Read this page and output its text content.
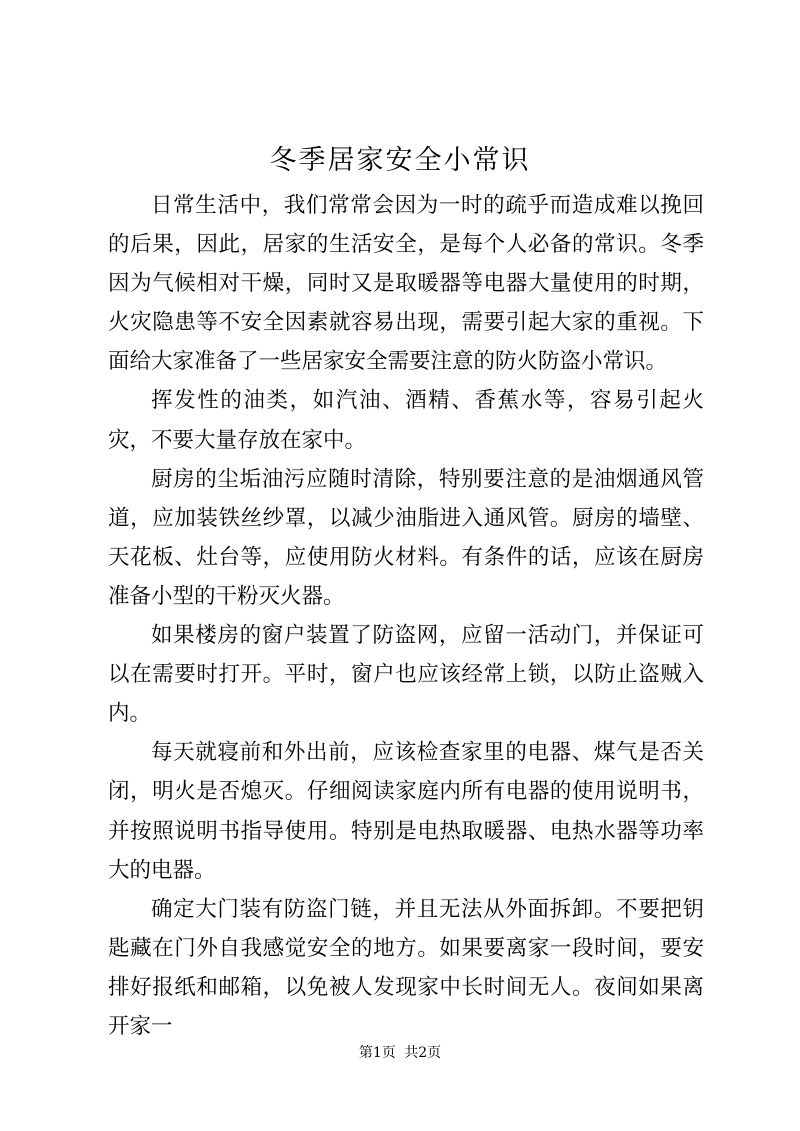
冬季居家安全小常识

日常生活中，我们常常会因为一时的疏乎而造成难以挽回的后果，因此，居家的生活安全，是每个人必备的常识。冬季因为气候相对干燥，同时又是取暖器等电器大量使用的时期，火灾隐患等不安全因素就容易出现，需要引起大家的重视。下面给大家准备了一些居家安全需要注意的防火防盗小常识。

挥发性的油类，如汽油、酒精、香蕉水等，容易引起火灾，不要大量存放在家中。

厨房的尘垢油污应随时清除，特别要注意的是油烟通风管道，应加装铁丝纱罩，以减少油脂进入通风管。厨房的墙壁、天花板、灶台等，应使用防火材料。有条件的话，应该在厨房准备小型的干粉灭火器。

如果楼房的窗户装置了防盗网，应留一活动门，并保证可以在需要时打开。平时，窗户也应该经常上锁，以防止盗贼入内。

每天就寝前和外出前，应该检查家里的电器、煤气是否关闭，明火是否熄灭。仔细阅读家庭内所有电器的使用说明书，并按照说明书指导使用。特别是电热取暖器、电热水器等功率大的电器。

确定大门装有防盗门链，并且无法从外面拆卸。不要把钥匙藏在门外自我感觉安全的地方。如果要离家一段时间，要安排好报纸和邮箱，以免被人发现家中长时间无人。夜间如果离开家一

第1页 共2页
